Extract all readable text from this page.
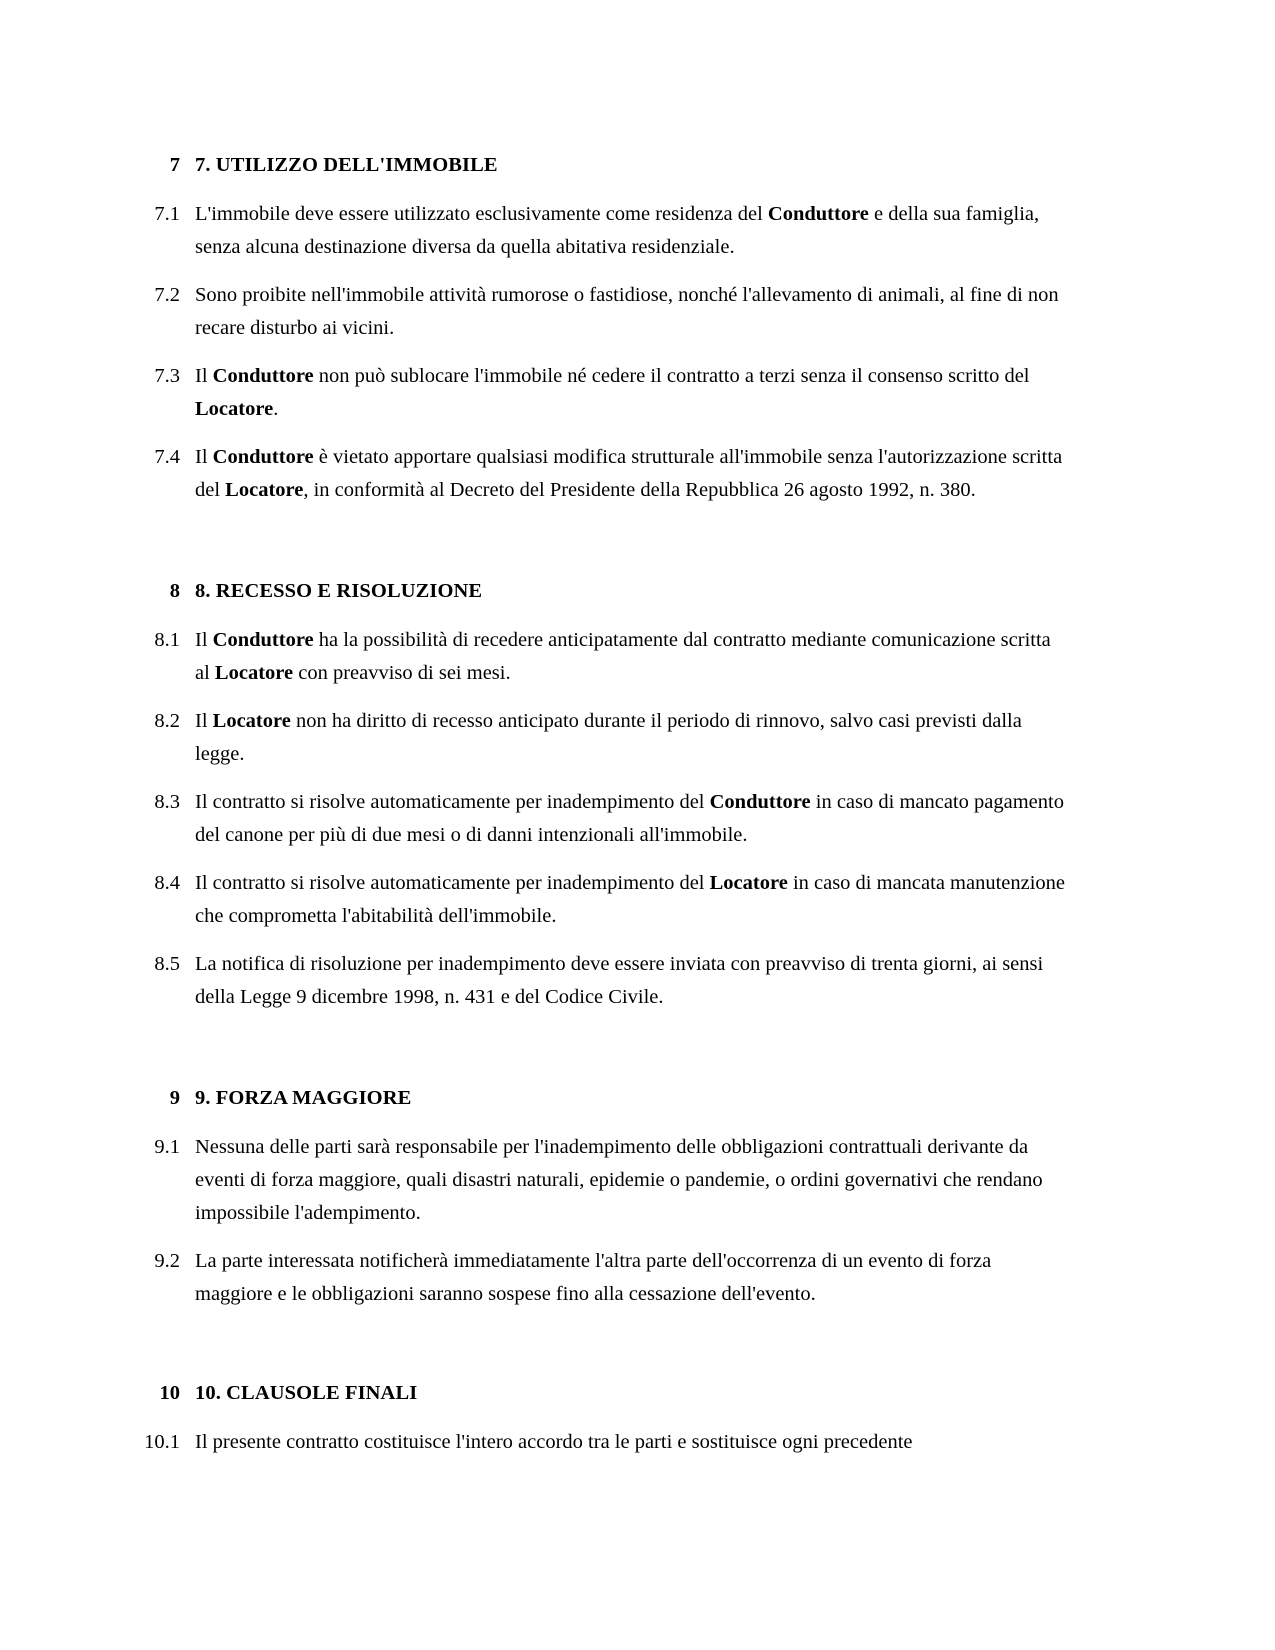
7 7. UTILIZZO DELL'IMMOBILE
7.1 L'immobile deve essere utilizzato esclusivamente come residenza del Conduttore e della sua famiglia, senza alcuna destinazione diversa da quella abitativa residenziale.
7.2 Sono proibite nell'immobile attività rumorose o fastidiose, nonché l'allevamento di animali, al fine di non recare disturbo ai vicini.
7.3 Il Conduttore non può sublocare l'immobile né cedere il contratto a terzi senza il consenso scritto del Locatore.
7.4 Il Conduttore è vietato apportare qualsiasi modifica strutturale all'immobile senza l'autorizzazione scritta del Locatore, in conformità al Decreto del Presidente della Repubblica 26 agosto 1992, n. 380.
8 8. RECESSO E RISOLUZIONE
8.1 Il Conduttore ha la possibilità di recedere anticipatamente dal contratto mediante comunicazione scritta al Locatore con preavviso di sei mesi.
8.2 Il Locatore non ha diritto di recesso anticipato durante il periodo di rinnovo, salvo casi previsti dalla legge.
8.3 Il contratto si risolve automaticamente per inadempimento del Conduttore in caso di mancato pagamento del canone per più di due mesi o di danni intenzionali all'immobile.
8.4 Il contratto si risolve automaticamente per inadempimento del Locatore in caso di mancata manutenzione che comprometta l'abitabilità dell'immobile.
8.5 La notifica di risoluzione per inadempimento deve essere inviata con preavviso di trenta giorni, ai sensi della Legge 9 dicembre 1998, n. 431 e del Codice Civile.
9 9. FORZA MAGGIORE
9.1 Nessuna delle parti sarà responsabile per l'inadempimento delle obbligazioni contrattuali derivante da eventi di forza maggiore, quali disastri naturali, epidemie o pandemie, o ordini governativi che rendano impossibile l'adempimento.
9.2 La parte interessata notificherà immediatamente l'altra parte dell'occorrenza di un evento di forza maggiore e le obbligazioni saranno sospese fino alla cessazione dell'evento.
10 10. CLAUSOLE FINALI
10.1 Il presente contratto costituisce l'intero accordo tra le parti e sostituisce ogni precedente
